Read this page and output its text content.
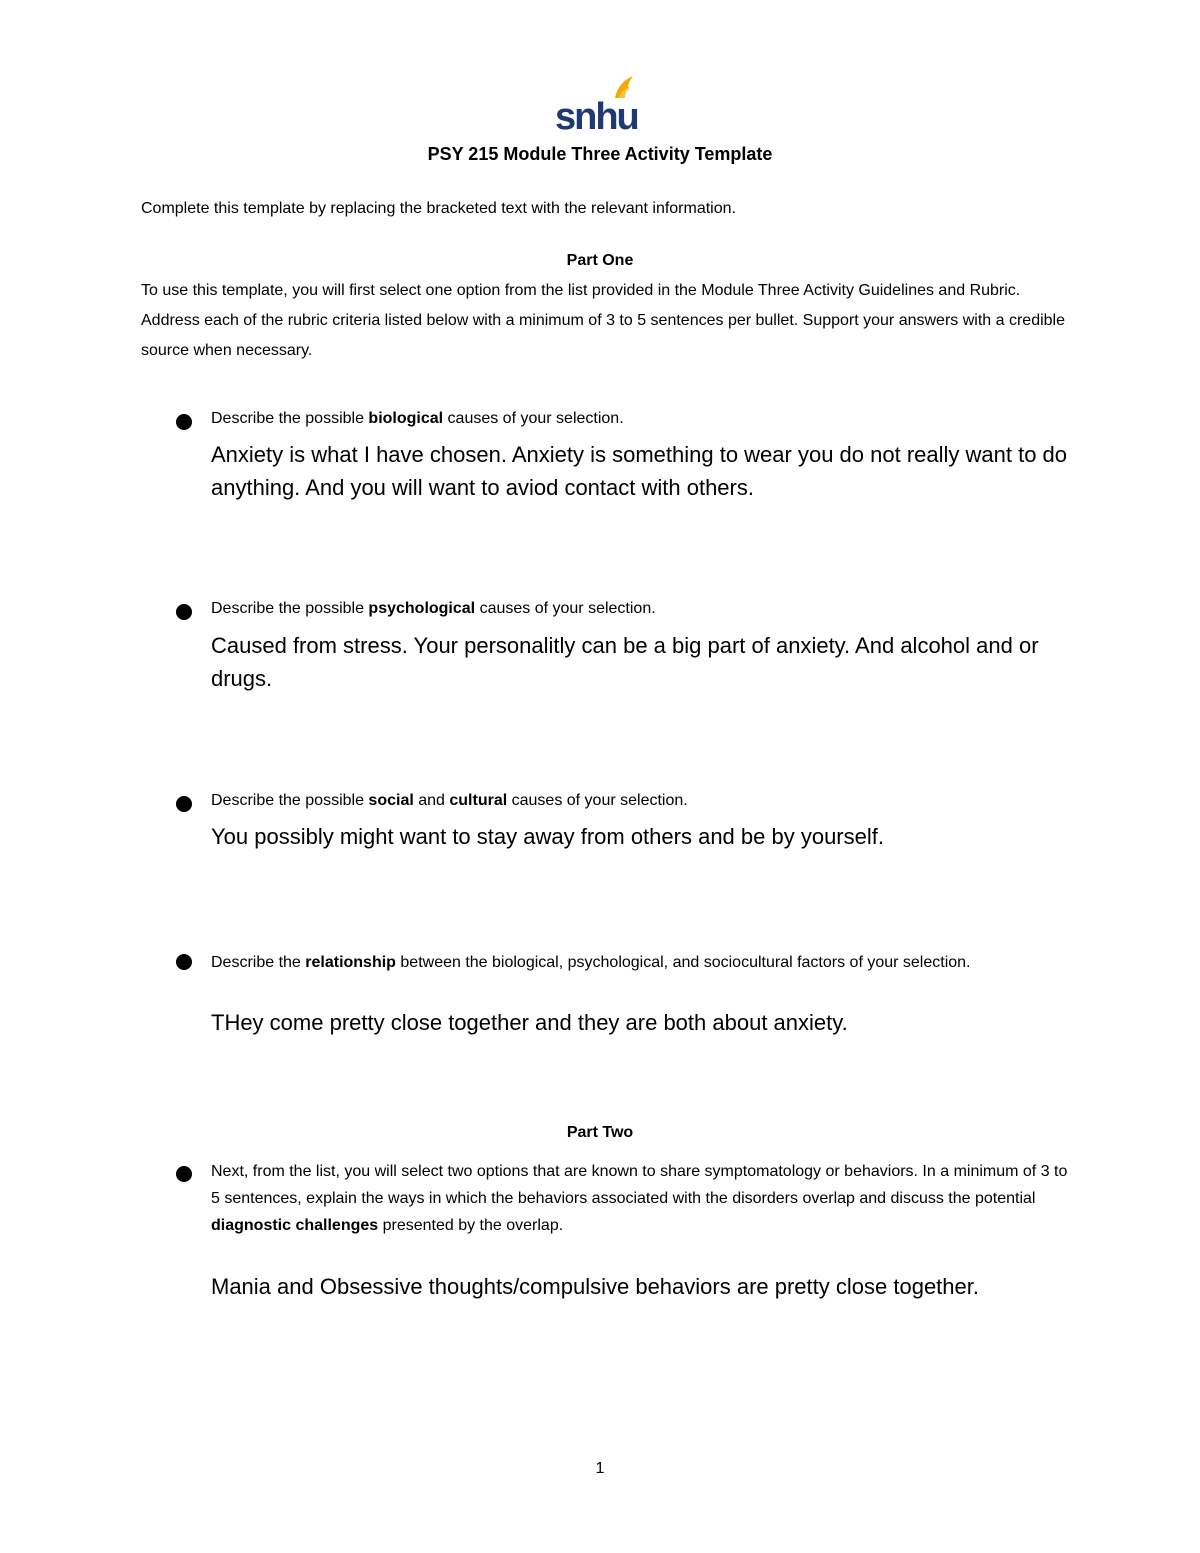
snhu
PSY 215 Module Three Activity Template
Complete this template by replacing the bracketed text with the relevant information.
Part One
To use this template, you will first select one option from the list provided in the Module Three Activity Guidelines and Rubric. Address each of the rubric criteria listed below with a minimum of 3 to 5 sentences per bullet. Support your answers with a credible source when necessary.
Describe the possible biological causes of your selection.
Anxiety is what I have chosen. Anxiety is something to wear you do not really want to do anything. And you will want to aviod contact with others.
Describe the possible psychological causes of your selection.
Caused from stress. Your personalitly can be a big part of anxiety. And alcohol and or drugs.
Describe the possible social and cultural causes of your selection.
You possibly might want to stay away from others and be by yourself.
Describe the relationship between the biological, psychological, and sociocultural factors of your selection.
THey come pretty close together and they are both about anxiety.
Part Two
Next, from the list, you will select two options that are known to share symptomatology or behaviors. In a minimum of 3 to 5 sentences, explain the ways in which the behaviors associated with the disorders overlap and discuss the potential diagnostic challenges presented by the overlap.
Mania and Obsessive thoughts/compulsive behaviors are pretty close together.
1
